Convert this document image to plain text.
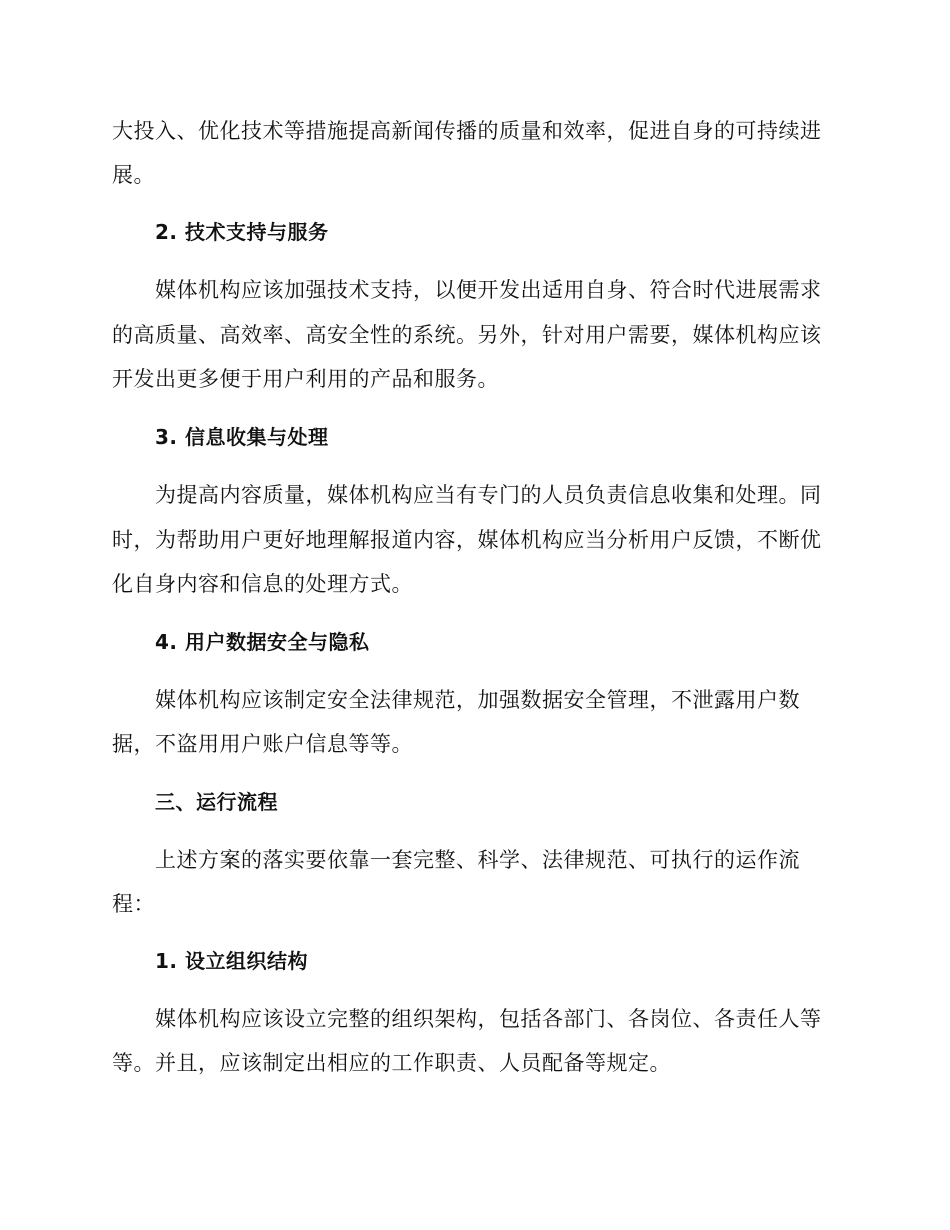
大投入、优化技术等措施提高新闻传播的质量和效率，促进自身的可持续进
展。
2. 技术支持与服务
媒体机构应该加强技术支持，以便开发出适用自身、符合时代进展需求
的高质量、高效率、高安全性的系统。另外，针对用户需要，媒体机构应该
开发出更多便于用户利用的产品和服务。
3. 信息收集与处理
为提高内容质量，媒体机构应当有专门的人员负责信息收集和处理。同
时，为帮助用户更好地理解报道内容，媒体机构应当分析用户反馈，不断优
化自身内容和信息的处理方式。
4. 用户数据安全与隐私
媒体机构应该制定安全法律规范，加强数据安全管理，不泄露用户数
据，不盗用用户账户信息等等。
三、运行流程
上述方案的落实要依靠一套完整、科学、法律规范、可执行的运作流
程：
1. 设立组织结构
媒体机构应该设立完整的组织架构，包括各部门、各岗位、各责任人等
等。并且，应该制定出相应的工作职责、人员配备等规定。
